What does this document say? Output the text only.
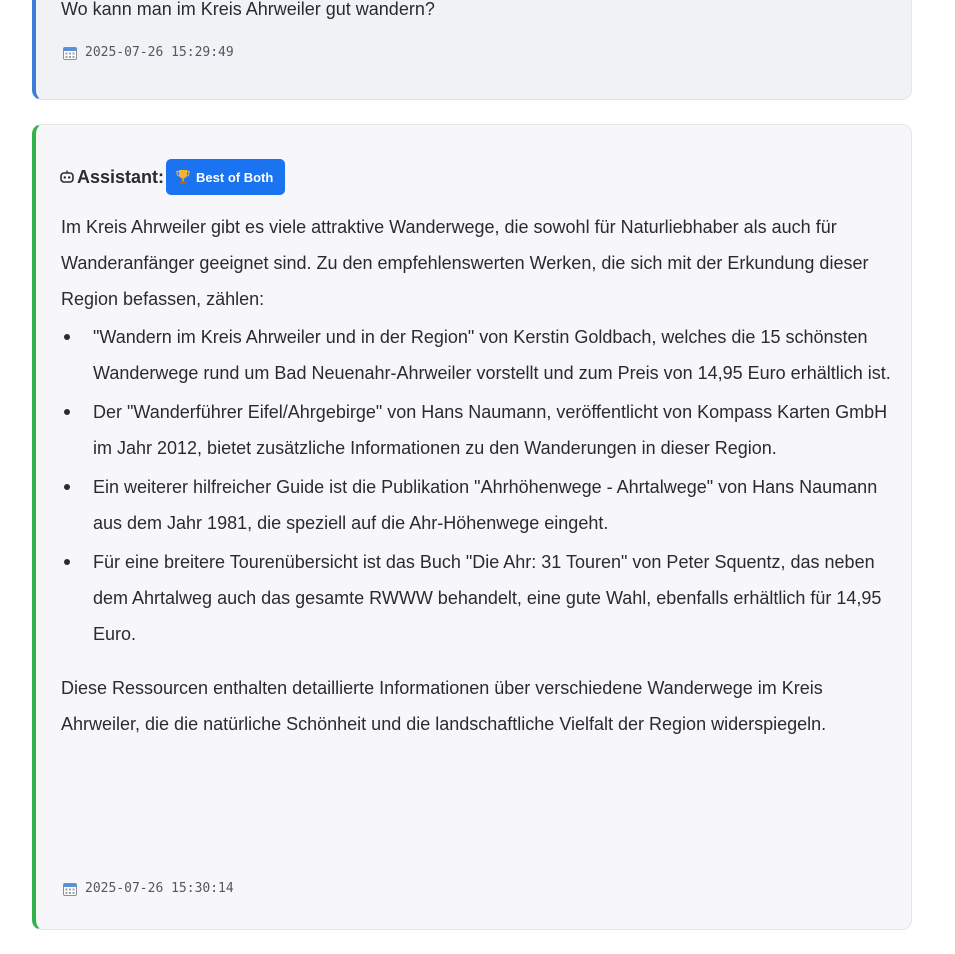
Wo kann man im Kreis Ahrweiler gut wandern?
2025-07-26 15:29:49
Assistant: Best of Both

Im Kreis Ahrweiler gibt es viele attraktive Wanderwege, die sowohl für Naturliebhaber als auch für Wanderanfänger geeignet sind. Zu den empfehlenswerten Werken, die sich mit der Erkundung dieser Region befassen, zählen:

"Wandern im Kreis Ahrweiler und in der Region" von Kerstin Goldbach, welches die 15 schönsten Wanderwege rund um Bad Neuenahr-Ahrweiler vorstellt und zum Preis von 14,95 Euro erhältlich ist.
Der "Wanderführer Eifel/Ahrgebirge" von Hans Naumann, veröffentlicht von Kompass Karten GmbH im Jahr 2012, bietet zusätzliche Informationen zu den Wanderungen in dieser Region.
Ein weiterer hilfreicher Guide ist die Publikation "Ahrhöhenwege - Ahrtalwege" von Hans Naumann aus dem Jahr 1981, die speziell auf die Ahr-Höhenwege eingeht.
Für eine breitere Tourenübersicht ist das Buch "Die Ahr: 31 Touren" von Peter Squentz, das neben dem Ahrtalweg auch das gesamte RWWW behandelt, eine gute Wahl, ebenfalls erhältlich für 14,95 Euro.

Diese Ressourcen enthalten detaillierte Informationen über verschiedene Wanderwege im Kreis Ahrweiler, die die natürliche Schönheit und die landschaftliche Vielfalt der Region widerspiegeln.

2025-07-26 15:30:14
